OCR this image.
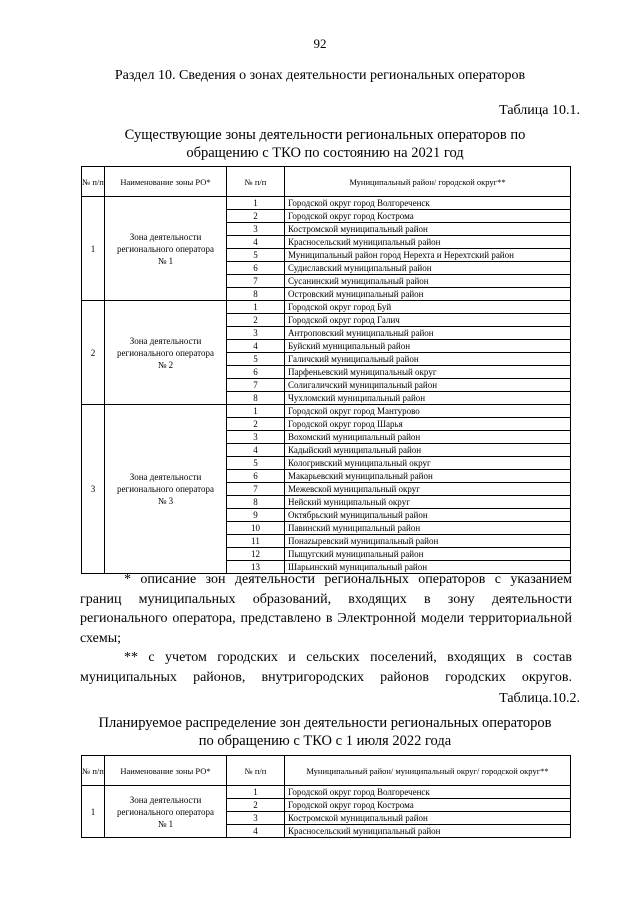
92
Раздел 10. Сведения о зонах деятельности региональных операторов
Таблица 10.1.
Существующие зоны деятельности региональных операторов по
обращению с ТКО по состоянию на 2021 год
№ п/п	Наименование зоны РО*	№ п/п	Муниципальный район/ городской округ**
1	Зона деятельности регионального оператора № 1	1	Городской округ город Волгореченск
		2	Городской округ город Кострома
		3	Костромской муниципальный район
		4	Красносельский муниципальный район
		5	Муниципальный район город Нерехта и Нерехтский район
		6	Судиславский муниципальный район
		7	Сусанинский муниципальный район
		8	Островский муниципальный район
2	Зона деятельности регионального оператора № 2	1	Городской округ город Буй
		2	Городской округ город Галич
		3	Антроповский муниципальный район
		4	Буйский муниципальный район
		5	Галичский муниципальный район
		6	Парфеньевский муниципальный округ
		7	Солигаличский муниципальный район
		8	Чухломский муниципальный район
3	Зона деятельности регионального оператора № 3	1	Городской округ город Мантурово
		2	Городской округ город Шарья
		3	Вохомский муниципальный район
		4	Кадыйский муниципальный район
		5	Кологривский муниципальный округ
		6	Макарьевский муниципальный район
		7	Межевской муниципальный округ
		8	Нейский муниципальный округ
		9	Октябрьский муниципальный район
		10	Павинский муниципальный район
		11	Понazыревский муниципальный район
		12	Пыщугский муниципальный район
		13	Шарьинский муниципальный район

* описание зон деятельности региональных операторов с указанием границ муниципальных образований, входящих в зону деятельности регионального оператора, представлено в Электронной модели территориальной схемы;

** с учетом городских и сельских поселений, входящих в состав муниципальных районов, внутригородских районов городских округов.

Таблица.10.2.
Планируемое распределение зон деятельности региональных операторов
по обращению с ТКО с 1 июля 2022 года
№ п/п	Наименование зоны РО*	№ п/п	Муниципальный район/ муниципальный округ/ городской округ**
1	Зона деятельности регионального оператора № 1	1	Городской округ город Волгореченск
		2	Городской округ город Кострома
		3	Костромской муниципальный район
		4	Красносельский муниципальный район
